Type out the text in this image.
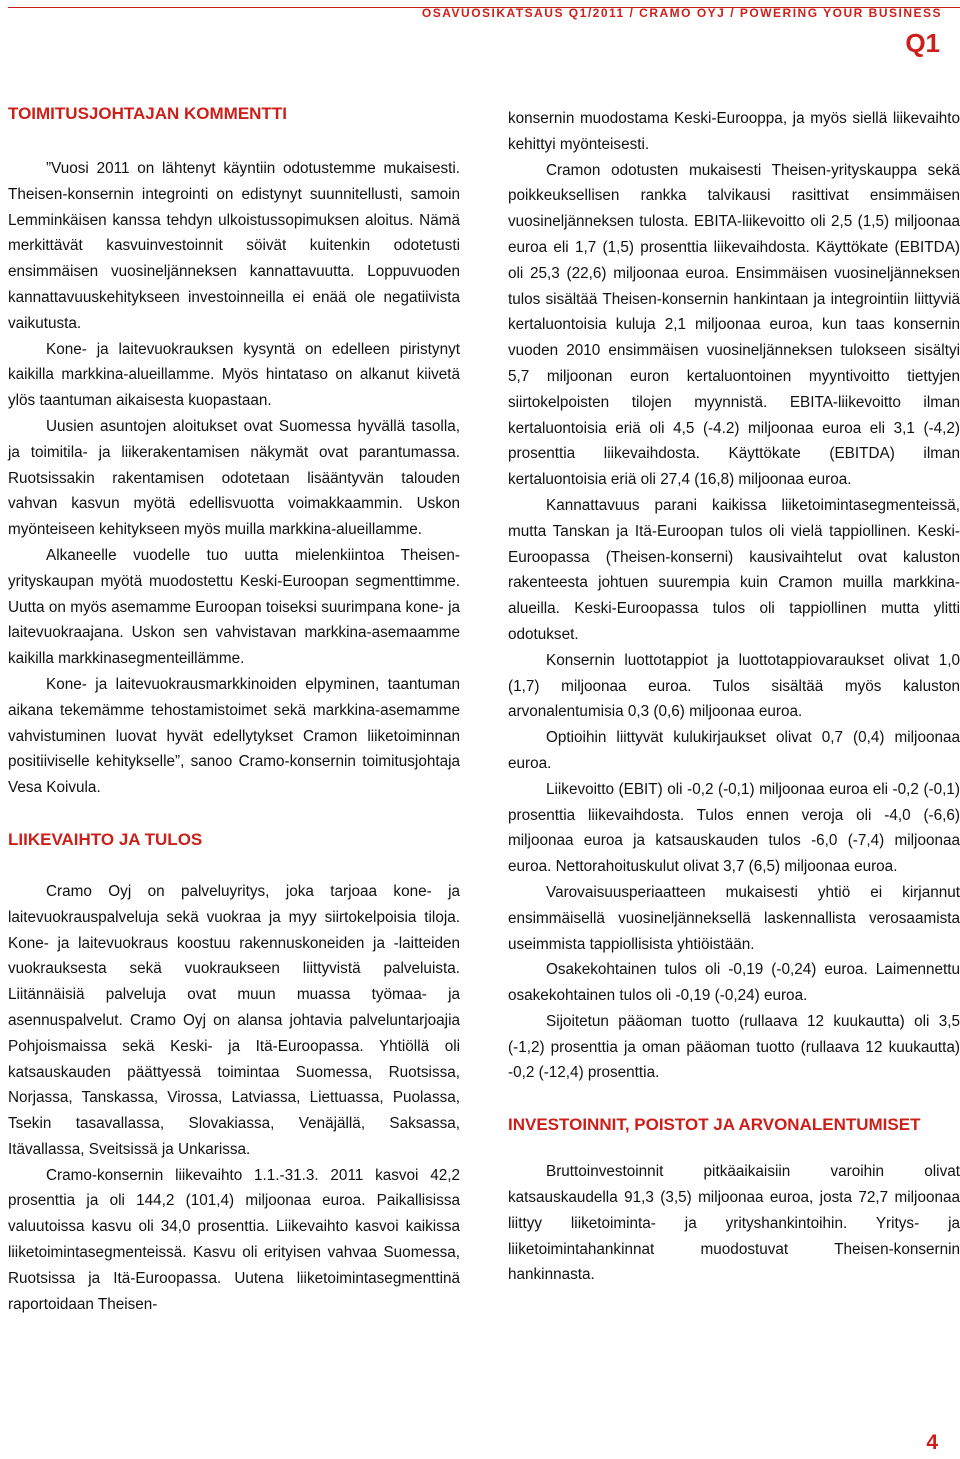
OSAVUOSIKATSAUS Q1/2011 / CRAMO OYJ / POWERING YOUR BUSINESS
Q1
TOIMITUSJOHTAJAN KOMMENTTI

”Vuosi 2011 on lähtenyt käyntiin odotustemme mukaisesti. Theisen-konsernin integrointi on edistynyt suunnitellusti, samoin Lemminkäisen kanssa tehdyn ulkoistussopimuksen aloitus. Nämä merkittävät kasvuinvestoinnit söivät kuitenkin odotetusti ensimmäisen vuosineljänneksen kannattavuutta. Loppuvuoden kannattavuuskehitykseen investoinneilla ei enää ole negatiivista vaikutusta.

Kone- ja laitevuokrauksen kysyntä on edelleen piristynyt kaikilla markkina-alueillamme. Myös hintataso on alkanut kiivetä ylös taantuman aikaisesta kuopastaan.

Uusien asuntojen aloitukset ovat Suomessa hyvällä tasolla, ja toimitila- ja liikerakentamisen näkymät ovat parantumassa. Ruotsissakin rakentamisen odotetaan lisääntyvän talouden vahvan kasvun myötä edellisvuotta voimakkaammin. Uskon myönteiseen kehitykseen myös muilla markkina-alueillamme.

Alkaneelle vuodelle tuo uutta mielenkiintoa Theisen-yrityskaupan myötä muodostettu Keski-Euroopan segmenttimme. Uutta on myös asemamme Euroopan toiseksi suurimpana kone- ja laitevuokraajana. Uskon sen vahvistavan markkina-asemaamme kaikilla markkinasegmenteillämme.

Kone- ja laitevuokrausmarkkinoiden elpyminen, taantuman aikana tekemämme tehostamistoimet sekä markkina-asemamme vahvistuminen luovat hyvät edellytykset Cramon liiketoiminnan positiiviselle kehitykselle”, sanoo Cramo-konsernin toimitusjohtaja Vesa Koivula.

LIIKEVAIHTO JA TULOS

Cramo Oyj on palveluyritys, joka tarjoaa kone- ja laitevuokrauspalveluja sekä vuokraa ja myy siirtokelpoisia tiloja. Kone- ja laitevuokraus koostuu rakennuskoneiden ja -laitteiden vuokrauksesta sekä vuokraukseen liittyvistä palveluista. Liitännäisiä palveluja ovat muun muassa työmaa- ja asennuspalvelut. Cramo Oyj on alansa johtavia palveluntarjoajia Pohjoismaissa sekä Keski- ja Itä-Euroopassa. Yhtiöllä oli katsauskauden päättyessä toimintaa Suomessa, Ruotsissa, Norjassa, Tanskassa, Virossa, Latviassa, Liettuassa, Puolassa, Tsekin tasavallassa, Slovakiassa, Venäjällä, Saksassa, Itävallassa, Sveitsissä ja Unkarissa.

Cramo-konsernin liikevaihto 1.1.-31.3. 2011 kasvoi 42,2 prosenttia ja oli 144,2 (101,4) miljoonaa euroa. Paikallisissa valuutoissa kasvu oli 34,0 prosenttia. Liikevaihto kasvoi kaikissa liiketoimintasegmenteissä. Kasvu oli erityisen vahvaa Suomessa, Ruotsissa ja Itä-Euroopassa. Uutena liiketoimintasegmenttinä raportoidaan Theisen-

konsernin muodostama Keski-Eurooppa, ja myös siellä liikevaihto kehittyi myönteisesti.

Cramon odotusten mukaisesti Theisen-yrityskauppa sekä poikkeuksellisen rankka talvikausi rasittivat ensimmäisen vuosineljänneksen tulosta. EBITA-liikevoitto oli 2,5 (1,5) miljoonaa euroa eli 1,7 (1,5) prosenttia liikevaihdosta. Käyttökate (EBITDA) oli 25,3 (22,6) miljoonaa euroa. Ensimmäisen vuosineljänneksen tulos sisältää Theisen-konsernin hankintaan ja integrointiin liittyviä kertaluontoisia kuluja 2,1 miljoonaa euroa, kun taas konsernin vuoden 2010 ensimmäisen vuosineljänneksen tulokseen sisältyi 5,7 miljoonan euron kertaluontoinen myyntivoitto tiettyjen siirtokelpoisten tilojen myynnistä. EBITA-liikevoitto ilman kertaluontoisia eriä oli 4,5 (-4.2) miljoonaa euroa eli 3,1 (-4,2) prosenttia liikevaihdosta. Käyttökate (EBITDA) ilman kertaluontoisia eriä oli 27,4 (16,8) miljoonaa euroa.

Kannattavuus parani kaikissa liiketoimintasegmenteissä, mutta Tanskan ja Itä-Euroopan tulos oli vielä tappiollinen. Keski-Euroopassa (Theisen-konserni) kausivaihtelut ovat kaluston rakenteesta johtuen suurempia kuin Cramon muilla markkina-alueilla. Keski-Euroopassa tulos oli tappiollinen mutta ylitti odotukset.

Konsernin luottotappiot ja luottotappiovaraukset olivat 1,0 (1,7) miljoonaa euroa. Tulos sisältää myös kaluston arvonalentumisia 0,3 (0,6) miljoonaa euroa.

Optioihin liittyvät kulukirjaukset olivat 0,7 (0,4) miljoonaa euroa.

Liikevoitto (EBIT) oli -0,2 (-0,1) miljoonaa euroa eli -0,2 (-0,1) prosenttia liikevaihdosta. Tulos ennen veroja oli -4,0 (-6,6) miljoonaa euroa ja katsauskauden tulos -6,0 (-7,4) miljoonaa euroa. Nettorahoituskulut olivat 3,7 (6,5) miljoonaa euroa.

Varovaisuusperiaatteen mukaisesti yhtiö ei kirjannut ensimmäisellä vuosineljänneksellä laskennallista verosaamista useimmista tappiollisista yhtiöistään.

Osakekohtainen tulos oli -0,19 (-0,24) euroa. Laimennettu osakekohtainen tulos oli -0,19 (-0,24) euroa.

Sijoitetun pääoman tuotto (rullaava 12 kuukautta) oli 3,5 (-1,2) prosenttia ja oman pääoman tuotto (rullaava 12 kuukautta) -0,2 (-12,4) prosenttia.

INVESTOINNIT, POISTOT JA ARVONALENTUMISET

Bruttoinvestoinnit pitkäaikaisiin varoihin olivat katsauskaudella 91,3 (3,5) miljoonaa euroa, josta 72,7 miljoonaa liittyy liiketoiminta- ja yrityshankintoihin. Yritys- ja liiketoimintahankinnat muodostuvat Theisen-konsernin hankinnasta.

4
